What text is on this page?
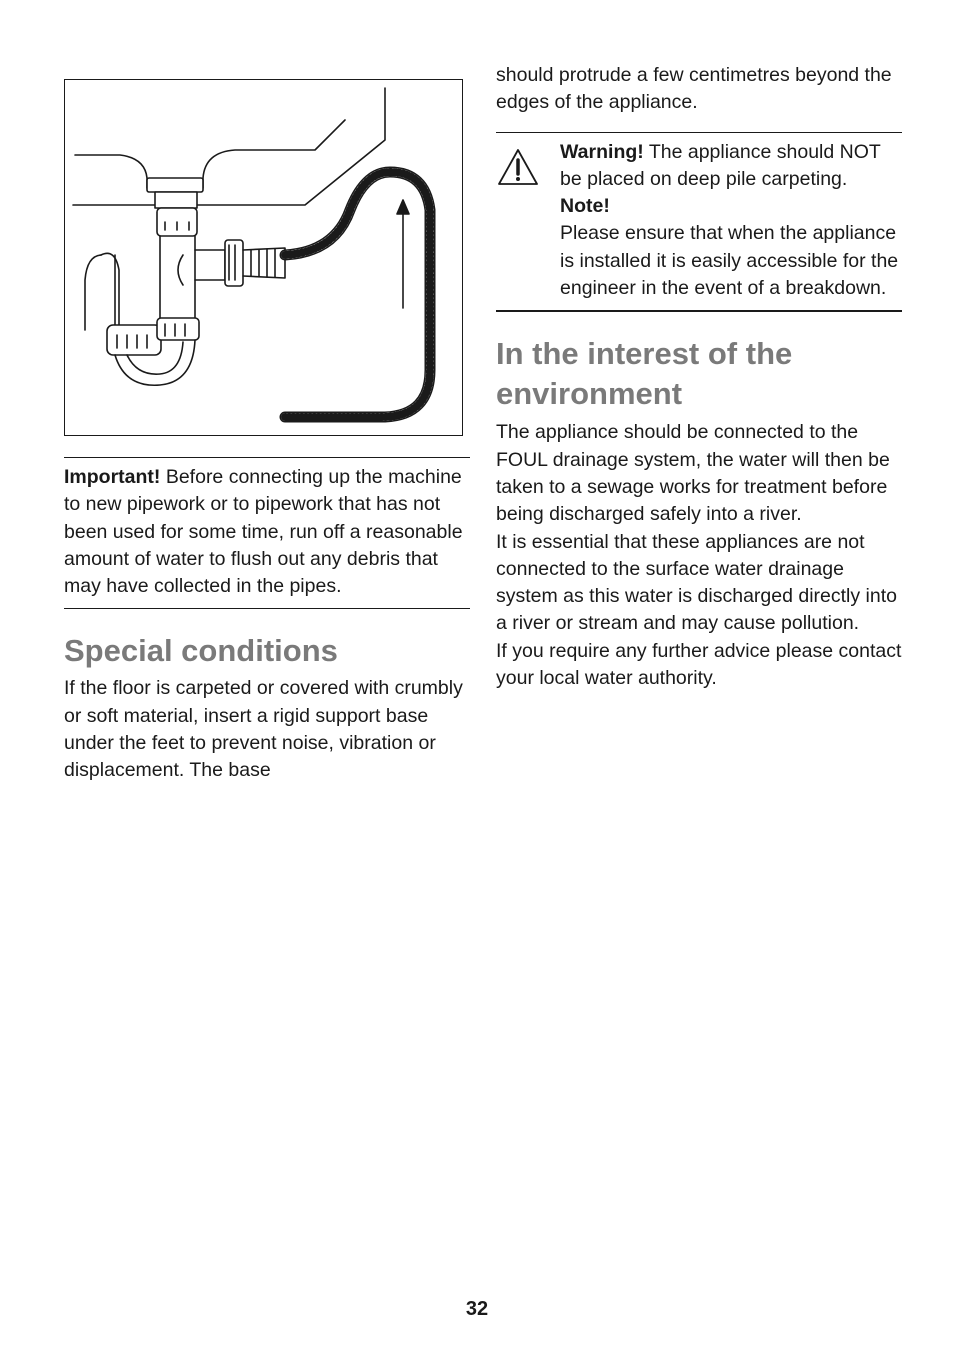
Important! Before connecting up the machine to new pipework or to pipework that has not been used for some time, run off a reasonable amount of water to flush out any debris that may have collected in the pipes.

Special conditions

If the floor is carpeted or covered with crumbly or soft material, insert a rigid support base under the feet to prevent noise, vibration or displacement. The base

should protrude a few centimetres beyond the edges of the appliance.

Warning! The appliance should NOT be placed on deep pile carpeting.

Note!

Please ensure that when the appliance is installed it is easily accessible for the engineer in the event of a breakdown.

In the interest of the environment

The appliance should be connected to the FOUL drainage system, the water will then be taken to a sewage works for treatment before being discharged safely into a river.

It is essential that these appliances are not connected to the surface water drainage system as this water is discharged directly into a river or stream and may cause pollution.

If you require any further advice please contact your local water authority.

32
